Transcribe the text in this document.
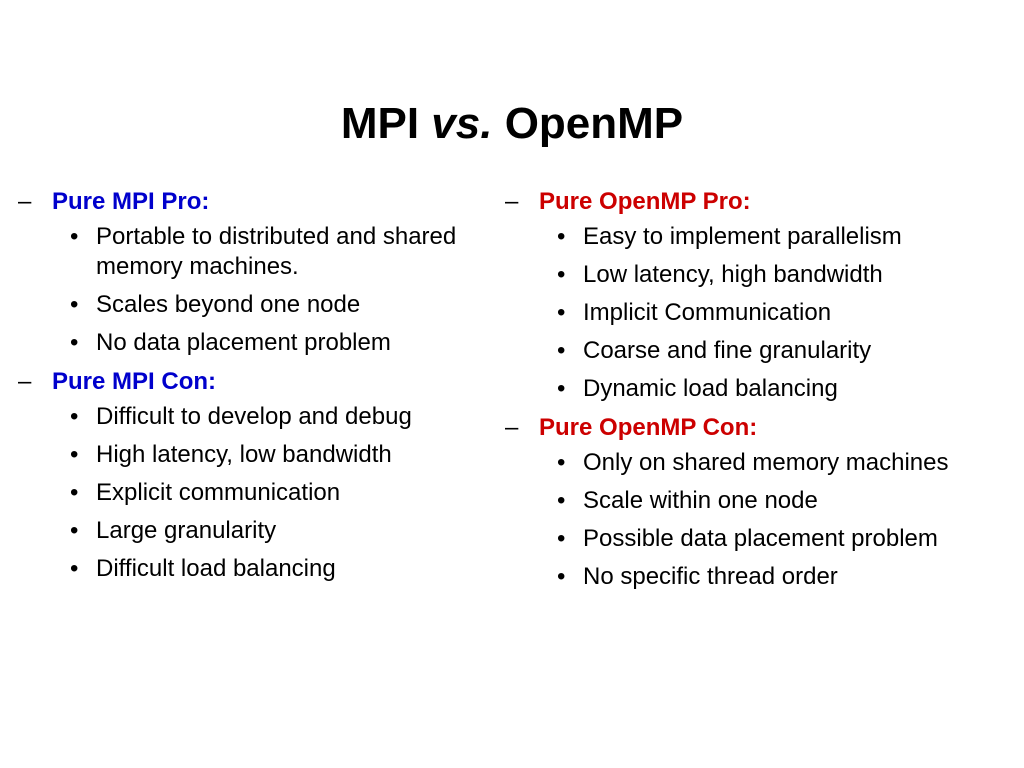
MPI vs. OpenMP
– Pure MPI Pro:
• Portable to distributed and shared memory machines.
• Scales beyond one node
• No data placement problem
– Pure MPI Con:
• Difficult to develop and debug
• High latency, low bandwidth
• Explicit communication
• Large granularity
• Difficult load balancing
– Pure OpenMP Pro:
• Easy to implement parallelism
• Low latency, high bandwidth
• Implicit Communication
• Coarse and fine granularity
• Dynamic load balancing
– Pure OpenMP Con:
• Only on shared memory machines
• Scale within one node
• Possible data placement problem
• No specific thread order
